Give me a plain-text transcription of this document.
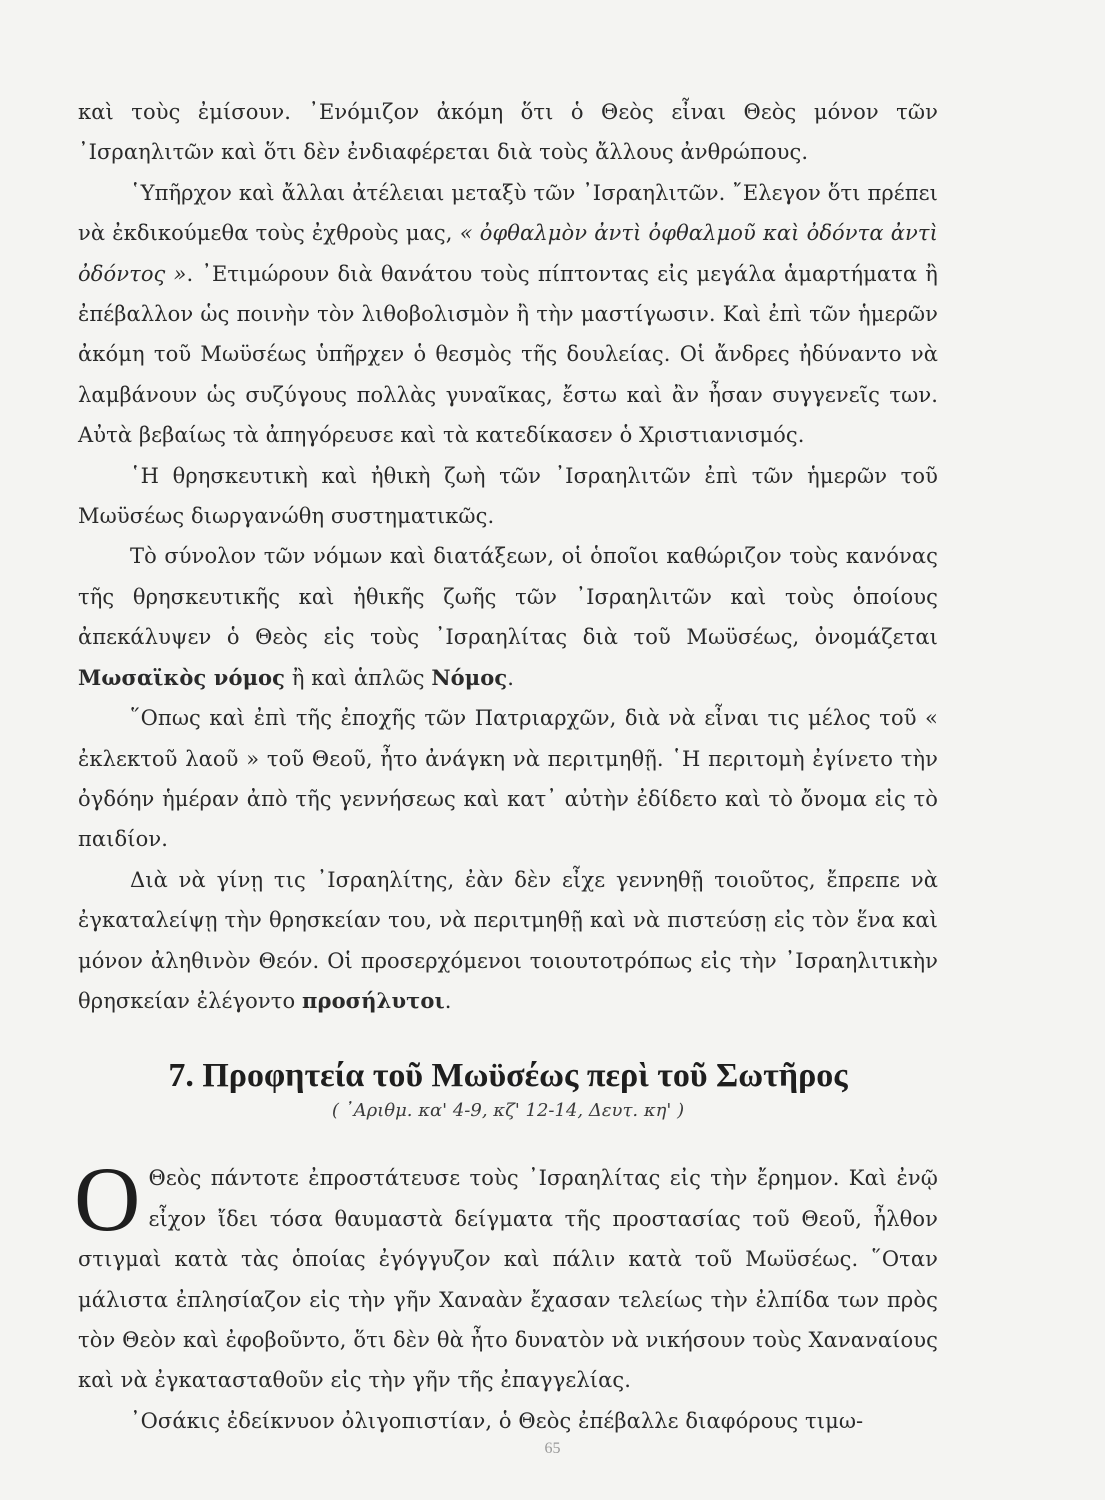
καὶ τοὺς ἐμίσουν. ᾽Ενόμιζον ἀκόμη ὅτι ὁ Θεὸς εἶναι Θεὸς μόνον τῶν ᾽Ισραηλιτῶν καὶ ὅτι δὲν ἐνδιαφέρεται διὰ τοὺς ἄλλους ἀνθρώπους.

῾Υπῆρχον καὶ ἄλλαι ἀτέλειαι μεταξὺ τῶν ᾽Ισραηλιτῶν. ῎Ελεγον ὅτι πρέπει νὰ ἐκδικούμεθα τοὺς ἐχθροὺς μας, « ὀφθαλμὸν ἀντὶ ὀφθαλμοῦ καὶ ὀδόντα ἀντὶ ὀδόντος ». ᾽Ετιμώρουν διὰ θανάτου τοὺς πίπτοντας εἰς μεγάλα ἁμαρτήματα ἢ ἐπέβαλλον ὡς ποινὴν τὸν λιθοβολισμὸν ἢ τὴν μαστίγωσιν. Καὶ ἐπὶ τῶν ἡμερῶν ἀκόμη τοῦ Μωϋσέως ὑπῆρχεν ὁ θεσμὸς τῆς δουλείας. Οἱ ἄνδρες ἠδύναντο νὰ λαμβάνουν ὡς συζύγους πολλὰς γυναῖκας, ἔστω καὶ ἂν ἦσαν συγγενεῖς των. Αὐτὰ βεβαίως τὰ ἀπηγόρευσε καὶ τὰ κατεδίκασεν ὁ Χριστιανισμός.

῾Η θρησκευτικὴ καὶ ἠθικὴ ζωὴ τῶν ᾽Ισραηλιτῶν ἐπὶ τῶν ἡμερῶν τοῦ Μωϋσέως διωργανώθη συστηματικῶς.

Τὸ σύνολον τῶν νόμων καὶ διατάξεων, οἱ ὁποῖοι καθώριζον τοὺς κανόνας τῆς θρησκευτικῆς καὶ ἠθικῆς ζωῆς τῶν ᾽Ισραηλιτῶν καὶ τοὺς ὁποίους ἀπεκάλυψεν ὁ Θεὸς εἰς τοὺς ᾽Ισραηλίτας διὰ τοῦ Μωϋσέως, ὀνομάζεται Μωσαϊκὸς νόμος ἢ καὶ ἁπλῶς Νόμος.

῞Οπως καὶ ἐπὶ τῆς ἐποχῆς τῶν Πατριαρχῶν, διὰ νὰ εἶναι τις μέλος τοῦ « ἐκλεκτοῦ λαοῦ » τοῦ Θεοῦ, ἦτο ἀνάγκη νὰ περιτμηθῇ. ῾Η περιτομὴ ἐγίνετο τὴν ὀγδόην ἡμέραν ἀπὸ τῆς γεννήσεως καὶ κατ᾽ αὐτὴν ἐδίδετο καὶ τὸ ὄνομα εἰς τὸ παιδίον.

Διὰ νὰ γίνῃ τις ᾽Ισραηλίτης, ἐὰν δὲν εἶχε γεννηθῇ τοιοῦτος, ἔπρεπε νὰ ἐγκαταλείψῃ τὴν θρησκείαν του, νὰ περιτμηθῇ καὶ νὰ πιστεύσῃ εἰς τὸν ἕνα καὶ μόνον ἀληθινὸν Θεόν. Οἱ προσερχόμενοι τοιουτοτρόπως εἰς τὴν ᾽Ισραηλιτικὴν θρησκείαν ἐλέγοντο προσήλυτοι.

7. Προφητεία τοῦ Μωϋσέως περὶ τοῦ Σωτῆρος
( ᾽Αριθμ. κα' 4-9, κζ' 12-14, Δευτ. κη' )

Ο Θεὸς πάντοτε ἐπροστάτευσε τοὺς ᾽Ισραηλίτας εἰς τὴν ἔρημον. Καὶ ἐνῷ εἶχον ἴδει τόσα θαυμαστὰ δείγματα τῆς προστασίας τοῦ Θεοῦ, ἦλθον στιγμαὶ κατὰ τὰς ὁποίας ἐγόγγυζον καὶ πάλιν κατὰ τοῦ Μωϋσέως. ῞Οταν μάλιστα ἐπλησίαζον εἰς τὴν γῆν Χαναὰν ἔχασαν τελείως τὴν ἐλπίδα των πρὸς τὸν Θεὸν καὶ ἐφοβοῦντο, ὅτι δὲν θὰ ἦτο δυνατὸν νὰ νικήσουν τοὺς Χαναναίους καὶ νὰ ἐγκατασταθοῦν εἰς τὴν γῆν τῆς ἐπαγγελίας.

᾽Οσάκις ἐδείκνυον ὀλιγοπιστίαν, ὁ Θεὸς ἐπέβαλλε διαφόρους τιμω-

65
